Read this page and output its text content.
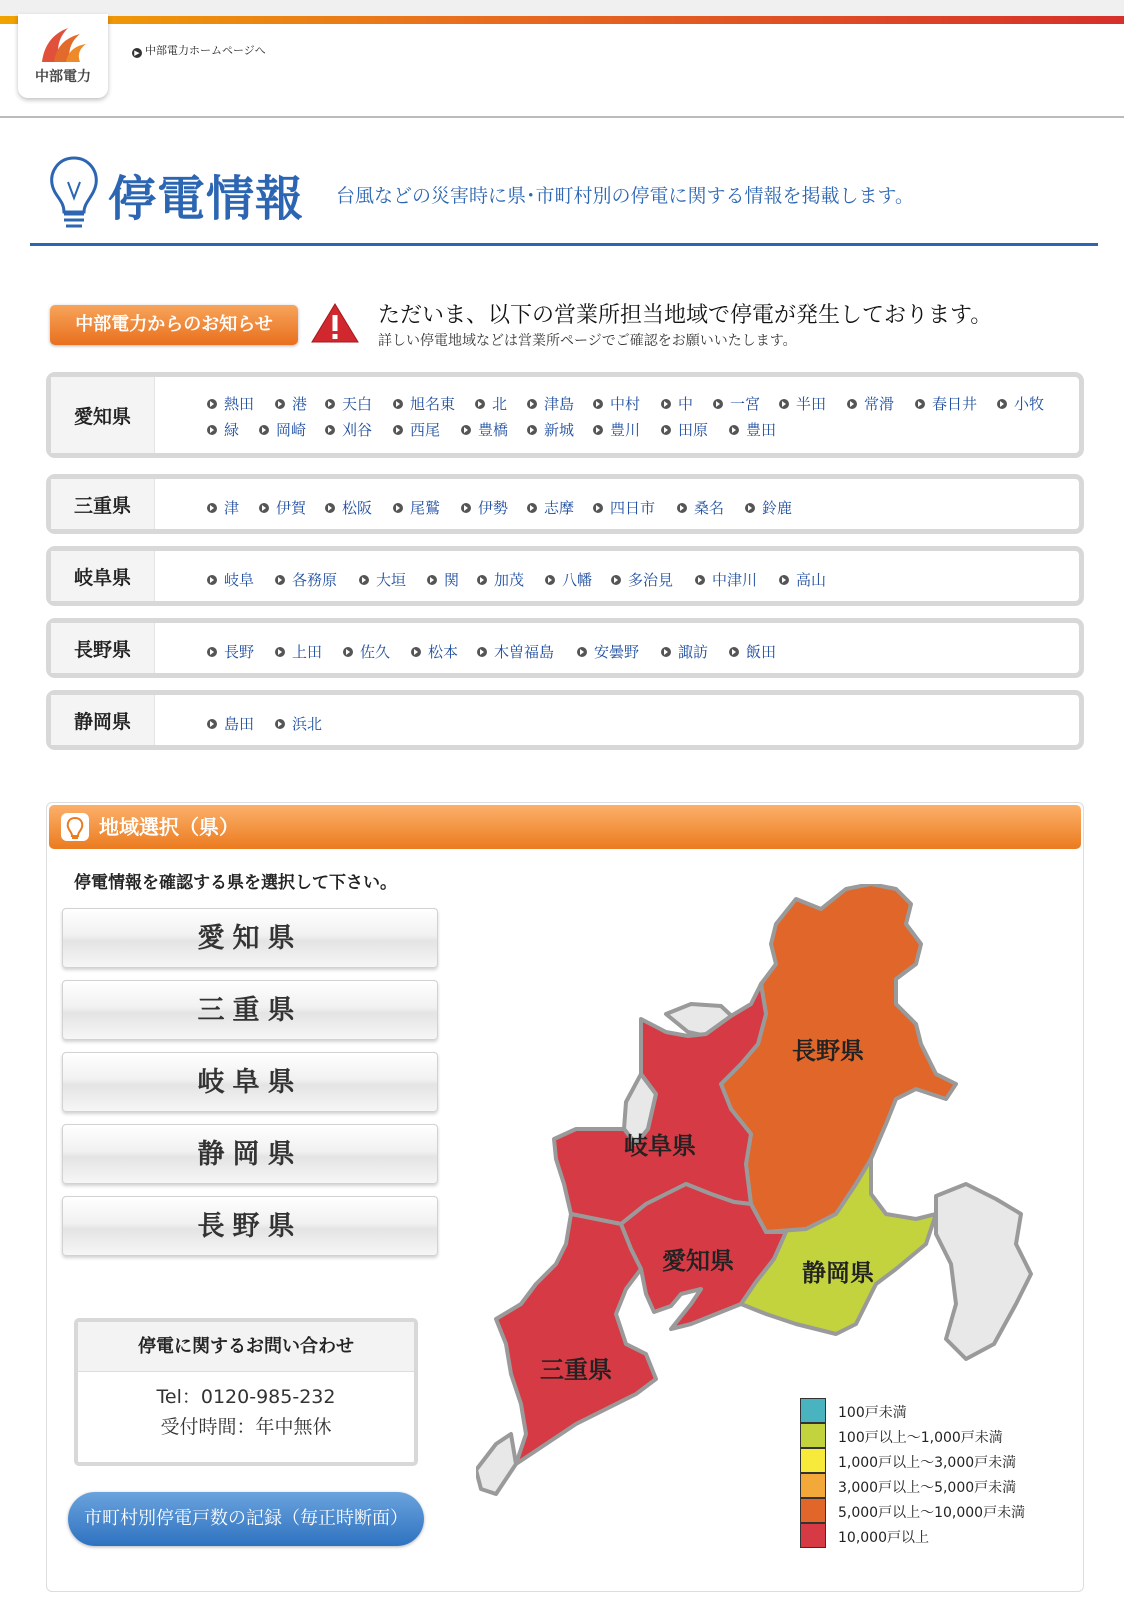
中部電力
▶ 中部電力ホームページへ
停電情報 台風などの災害時に県･市町村別の停電に関する情報を掲載します。
中部電力からのお知らせ	ただいま、以下の営業所担当地域で停電が発生しております。
詳しい停電地域などは営業所ページでご確認をお願いいたします。
愛知県
熱田	港	天白	旭名東	北	津島	中村	中	一宮	半田	常滑	春日井	小牧
緑	岡崎	刈谷	西尾	豊橋	新城	豊川	田原	豊田
三重県	津	伊賀	松阪	尾鷲	伊勢	志摩	四日市	桑名	鈴鹿
岐阜県	岐阜	各務原	大垣	関	加茂	八幡	多治見	中津川	高山
長野県	長野	上田	佐久	松本	木曽福島	安曇野	諏訪	飯田
静岡県	島田	浜北
地域選択（県）
停電情報を確認する県を選択して下さい。
愛知県
三重県
岐阜県
静岡県
長野県
停電に関するお問い合わせ
Tel：0120-985-232
受付時間：年中無休
市町村別停電戸数の記録（毎正時断面）
長野県
岐阜県
愛知県	静岡県
三重県
100戸未満
100戸以上～1,000戸未満
1,000戸以上～3,000戸未満
3,000戸以上～5,000戸未満
5,000戸以上～10,000戸未満
10,000戸以上
